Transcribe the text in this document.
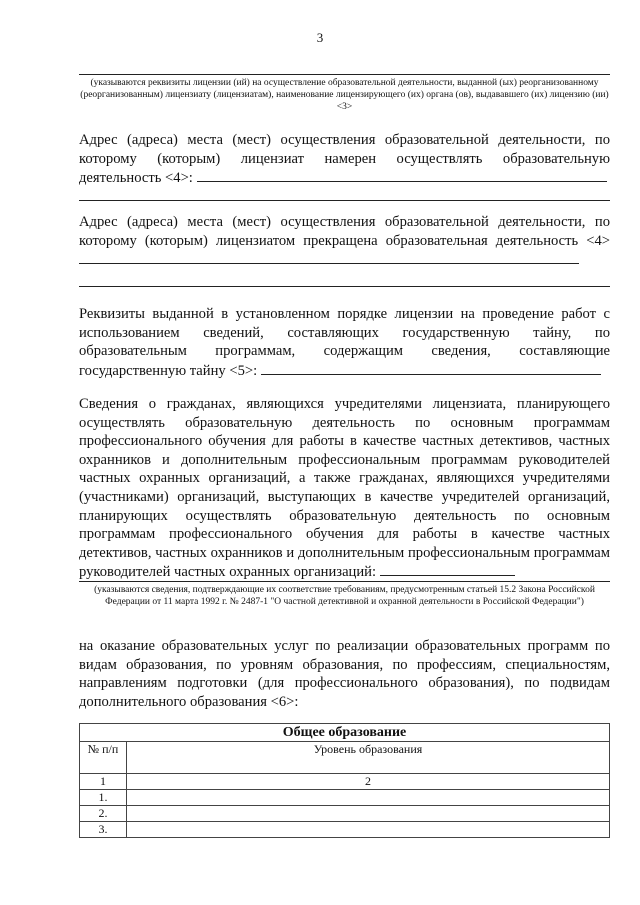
3
(указываются реквизиты лицензии (ий) на осуществление образовательной деятельности, выданной (ых) реорганизованному (реорганизованным) лицензиату (лицензиатам), наименование лицензирующего (их) органа (ов), выдававшего (их) лицензию (ии) <3>
Адрес (адреса) места (мест) осуществления образовательной деятельности, по которому (которым) лицензиат намерен осуществлять образовательную деятельность <4>:
Адрес (адреса) места (мест) осуществления образовательной деятельности, по которому (которым) лицензиатом прекращена образовательная деятельность <4>
Реквизиты выданной в установленном порядке лицензии на проведение работ с использованием сведений, составляющих государственную тайну, по образовательным программам, содержащим сведения, составляющие государственную тайну <5>:
Сведения о гражданах, являющихся учредителями лицензиата, планирующего осуществлять образовательную деятельность по основным программам профессионального обучения для работы в качестве частных детективов, частных охранников и дополнительным профессиональным программам руководителей частных охранных организаций, а также гражданах, являющихся учредителями (участниками) организаций, выступающих в качестве учредителей организаций, планирующих осуществлять образовательную деятельность по основным программам профессионального обучения для работы в качестве частных детективов, частных охранников и дополнительным профессиональным программам руководителей частных охранных организаций:
(указываются сведения, подтверждающие их соответствие требованиям, предусмотренным статьей 15.2 Закона Российской Федерации от 11 марта 1992 г. № 2487-1 "О частной детективной и охранной деятельности в Российской Федерации")
на оказание образовательных услуг по реализации образовательных программ по видам образования, по уровням образования, по профессиям, специальностям, направлениям подготовки (для профессионального образования), по подвидам дополнительного образования <6>:
Общее образование	
№ п/п	Уровень образования
1	2
1.	
2.	
3.	
